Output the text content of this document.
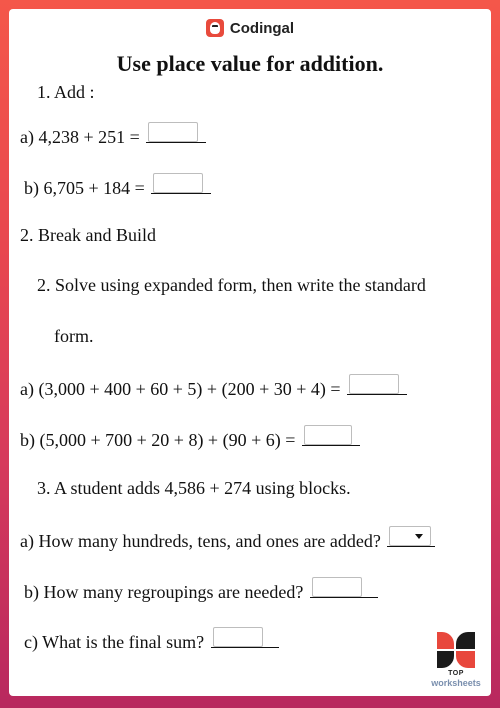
Codingal
Use place value for addition.
1. Add :
a) 4,238 + 251 =
b) 6,705 + 184 =
2. Break and Build
2. Solve using expanded form, then write the standard
form.
a) (3,000 + 400 + 60 + 5) + (200 + 30 + 4) =
b) (5,000 + 700 + 20 + 8) + (90 + 6) =
3. A student adds 4,586 + 274 using blocks.
a) How many hundreds, tens, and ones are added?
b) How many regroupings are needed?
c) What is the final sum?
TOP
worksheets
